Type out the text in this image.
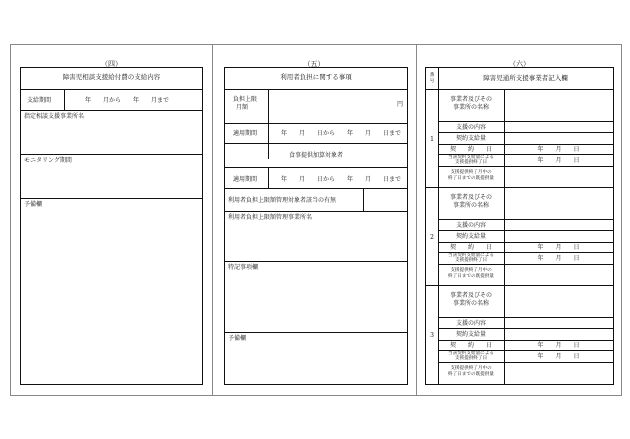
（四）
障害児相談支援給付費の支給内容
支給期間	年　　月から　　年　　月まで
指定相談支援事業所名
モニタリング期間
予備欄
（五）
利用者負担に関する事項
負担上限
月額	円
適用期間	年　　月　　日から　　年　　月　　日まで
食事提供加算対象者
適用期間	年　　月　　日から　　年　　月　　日まで
利用者負担上限額管理対象者該当の有無
利用者負担上限額管理事業所名
特記事項欄
予備欄
（六）
番
号	障害児通所支援事業者記入欄
1
事業者及びその
事業所の名称
支援の内容
契約支給量
契　　約　　日	年　　月　　日
当該契約支給量による
支援提供終了日	年　　月　　日
支援提供終了月中の
終了日までの既提供量
2
事業者及びその
事業所の名称
支援の内容
契約支給量
契　　約　　日	年　　月　　日
当該契約支給量による
支援提供終了日	年　　月　　日
支援提供終了月中の
終了日までの既提供量
3
事業者及びその
事業所の名称
支援の内容
契約支給量
契　　約　　日	年　　月　　日
当該契約支給量による
支援提供終了日	年　　月　　日
支援提供終了月中の
終了日までの既提供量
